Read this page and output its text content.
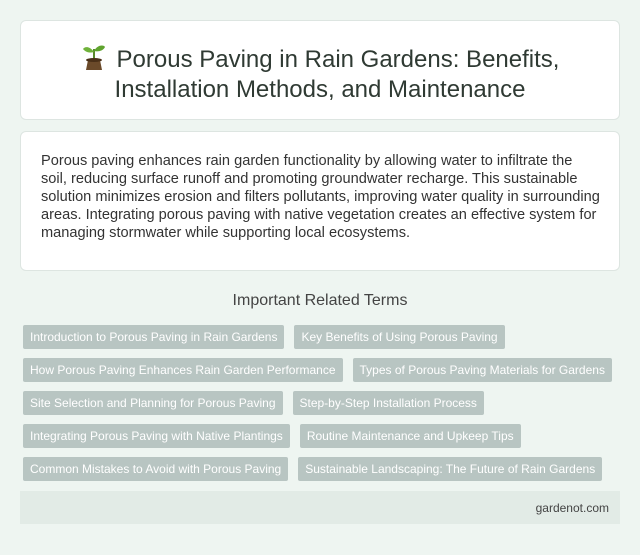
Porous Paving in Rain Gardens: Benefits,
Installation Methods, and Maintenance
Porous paving enhances rain garden functionality by allowing water to infiltrate the soil, reducing surface runoff and promoting groundwater recharge. This sustainable solution minimizes erosion and filters pollutants, improving water quality in surrounding areas. Integrating porous paving with native vegetation creates an effective system for managing stormwater while supporting local ecosystems.
Important Related Terms
Introduction to Porous Paving in Rain Gardens Key Benefits of Using Porous Paving
How Porous Paving Enhances Rain Garden Performance Types of Porous Paving Materials for Gardens
Site Selection and Planning for Porous Paving Step-by-Step Installation Process
Integrating Porous Paving with Native Plantings Routine Maintenance and Upkeep Tips
Common Mistakes to Avoid with Porous Paving Sustainable Landscaping: The Future of Rain Gardens
gardenot.com
